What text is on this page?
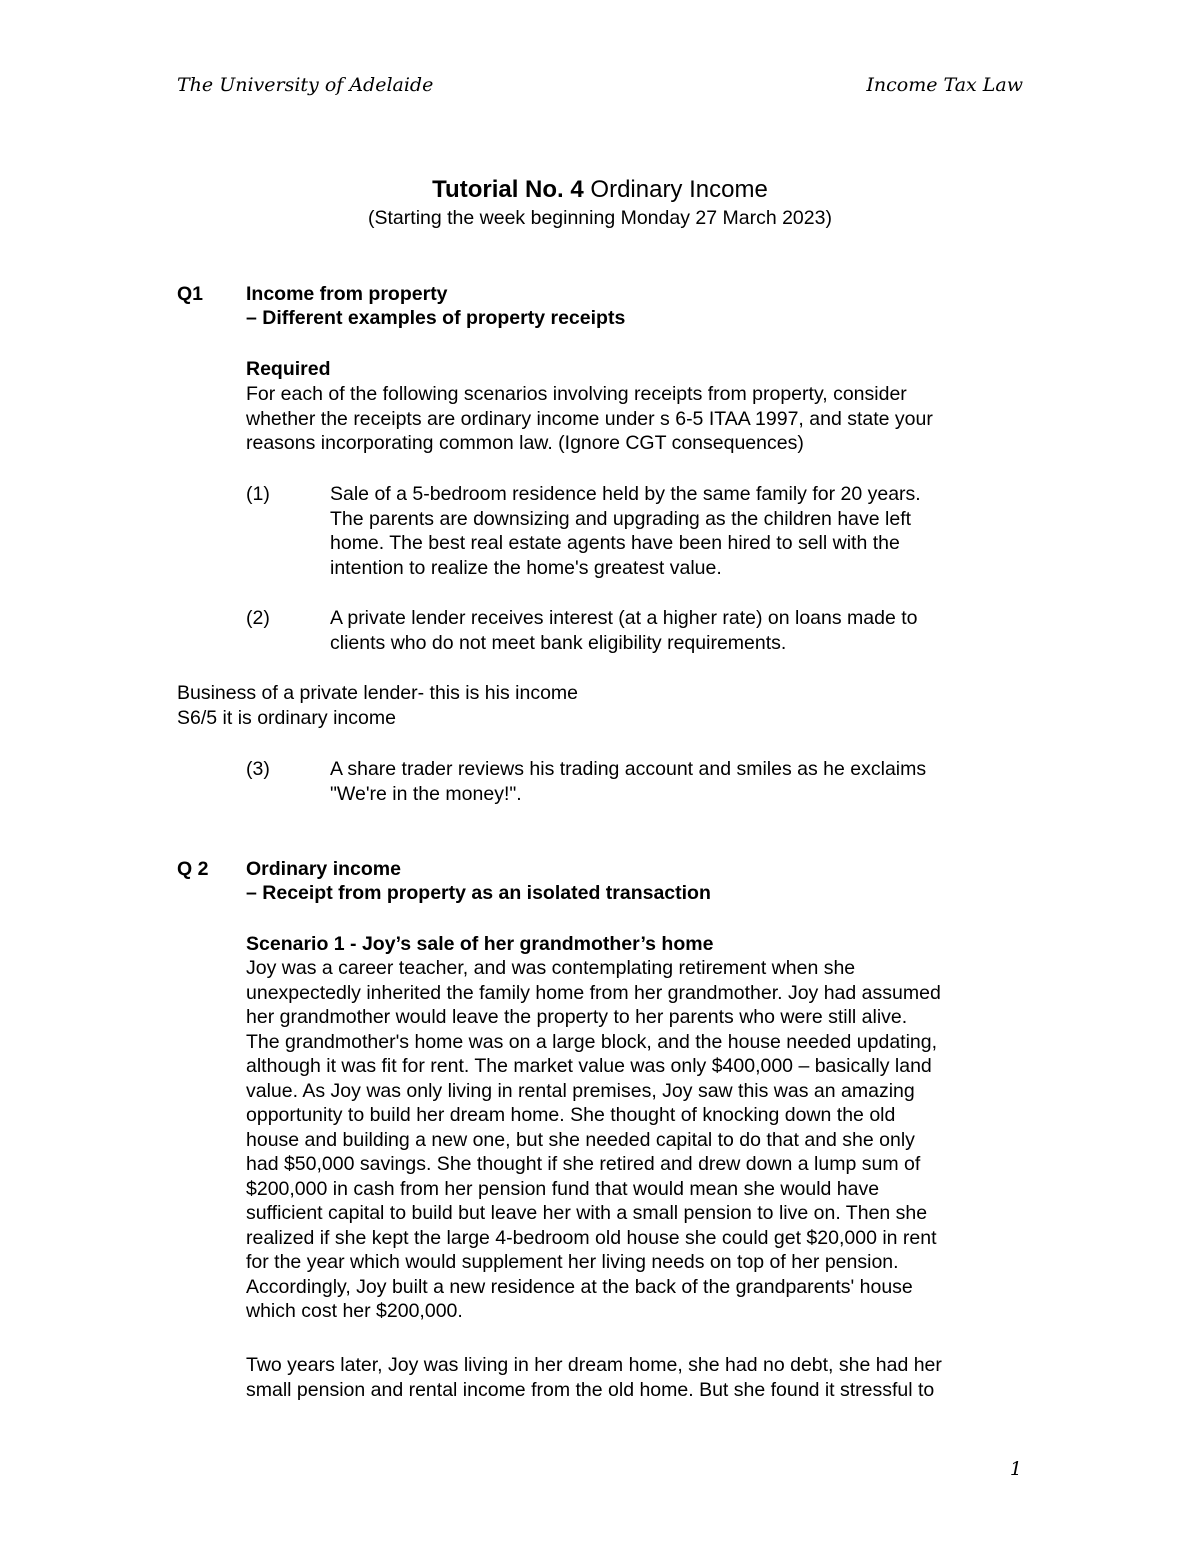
The University of Adelaide	Income Tax Law
Tutorial No. 4 Ordinary Income
(Starting the week beginning Monday 27 March 2023)
Q1 Income from property
– Different examples of property receipts
Required
For each of the following scenarios involving receipts from property, consider
whether the receipts are ordinary income under s 6-5 ITAA 1997, and state your
reasons incorporating common law. (Ignore CGT consequences)
(1)	Sale of a 5-bedroom residence held by the same family for 20 years.
The parents are downsizing and upgrading as the children have left
home. The best real estate agents have been hired to sell with the
intention to realize the home's greatest value.
(2)	A private lender receives interest (at a higher rate) on loans made to
clients who do not meet bank eligibility requirements.
Business of a private lender- this is his income
S6/5 it is ordinary income
(3)	A share trader reviews his trading account and smiles as he exclaims
"We're in the money!".
Q 2 Ordinary income
– Receipt from property as an isolated transaction
Scenario 1 - Joy’s sale of her grandmother’s home
Joy was a career teacher, and was contemplating retirement when she
unexpectedly inherited the family home from her grandmother. Joy had assumed
her grandmother would leave the property to her parents who were still alive.
The grandmother's home was on a large block, and the house needed updating,
although it was fit for rent. The market value was only $400,000 – basically land
value. As Joy was only living in rental premises, Joy saw this was an amazing
opportunity to build her dream home. She thought of knocking down the old
house and building a new one, but she needed capital to do that and she only
had $50,000 savings. She thought if she retired and drew down a lump sum of
$200,000 in cash from her pension fund that would mean she would have
sufficient capital to build but leave her with a small pension to live on. Then she
realized if she kept the large 4-bedroom old house she could get $20,000 in rent
for the year which would supplement her living needs on top of her pension.
Accordingly, Joy built a new residence at the back of the grandparents' house
which cost her $200,000.
Two years later, Joy was living in her dream home, she had no debt, she had her
small pension and rental income from the old home. But she found it stressful to
1
